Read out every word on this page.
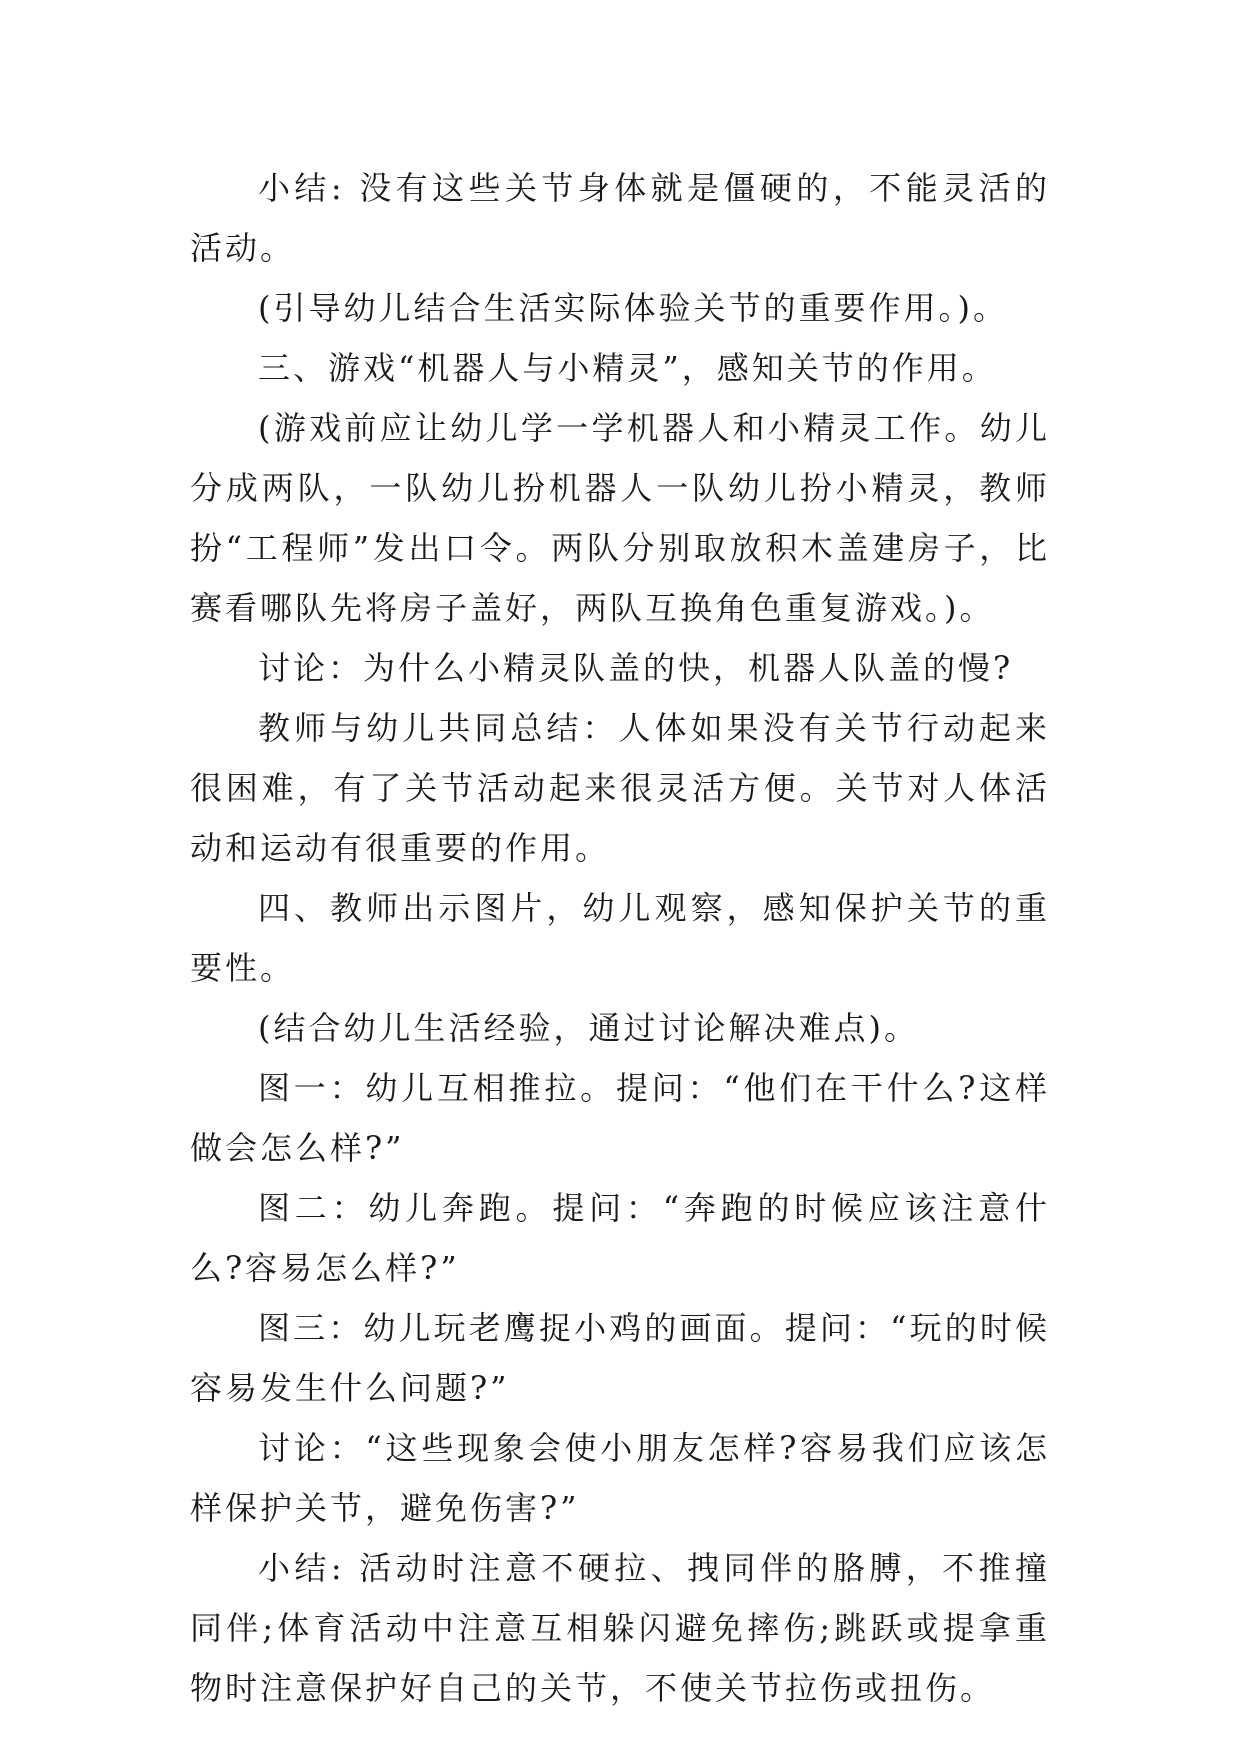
小结: 没有这些关节身体就是僵硬的，不能灵活的活动。

(引导幼儿结合生活实际体验关节的重要作用。)。

三、游戏“机器人与小精灵”，感知关节的作用。

(游戏前应让幼儿学一学机器人和小精灵工作。幼儿分成两队，一队幼儿扮机器人一队幼儿扮小精灵，教师扮“工程师”发出口令。两队分别取放积木盖建房子，比赛看哪队先将房子盖好，两队互换角色重复游戏。)。

讨论：为什么小精灵队盖的快，机器人队盖的慢?

教师与幼儿共同总结：人体如果没有关节行动起来很困难，有了关节活动起来很灵活方便。关节对人体活动和运动有很重要的作用。

四、教师出示图片，幼儿观察，感知保护关节的重要性。

(结合幼儿生活经验，通过讨论解决难点)。

图一：幼儿互相推拉。提问：“他们在干什么?这样做会怎么样?”

图二：幼儿奔跑。提问：“奔跑的时候应该注意什么?容易怎么样?”

图三：幼儿玩老鹰捉小鸡的画面。提问：“玩的时候容易发生什么问题?”

讨论：“这些现象会使小朋友怎样?容易我们应该怎样保护关节，避免伤害?”

小结: 活动时注意不硬拉、拽同伴的胳膊，不推撞同伴;体育活动中注意互相躲闪避免摔伤;跳跃或提拿重物时注意保护好自己的关节，不使关节拉伤或扭伤。
